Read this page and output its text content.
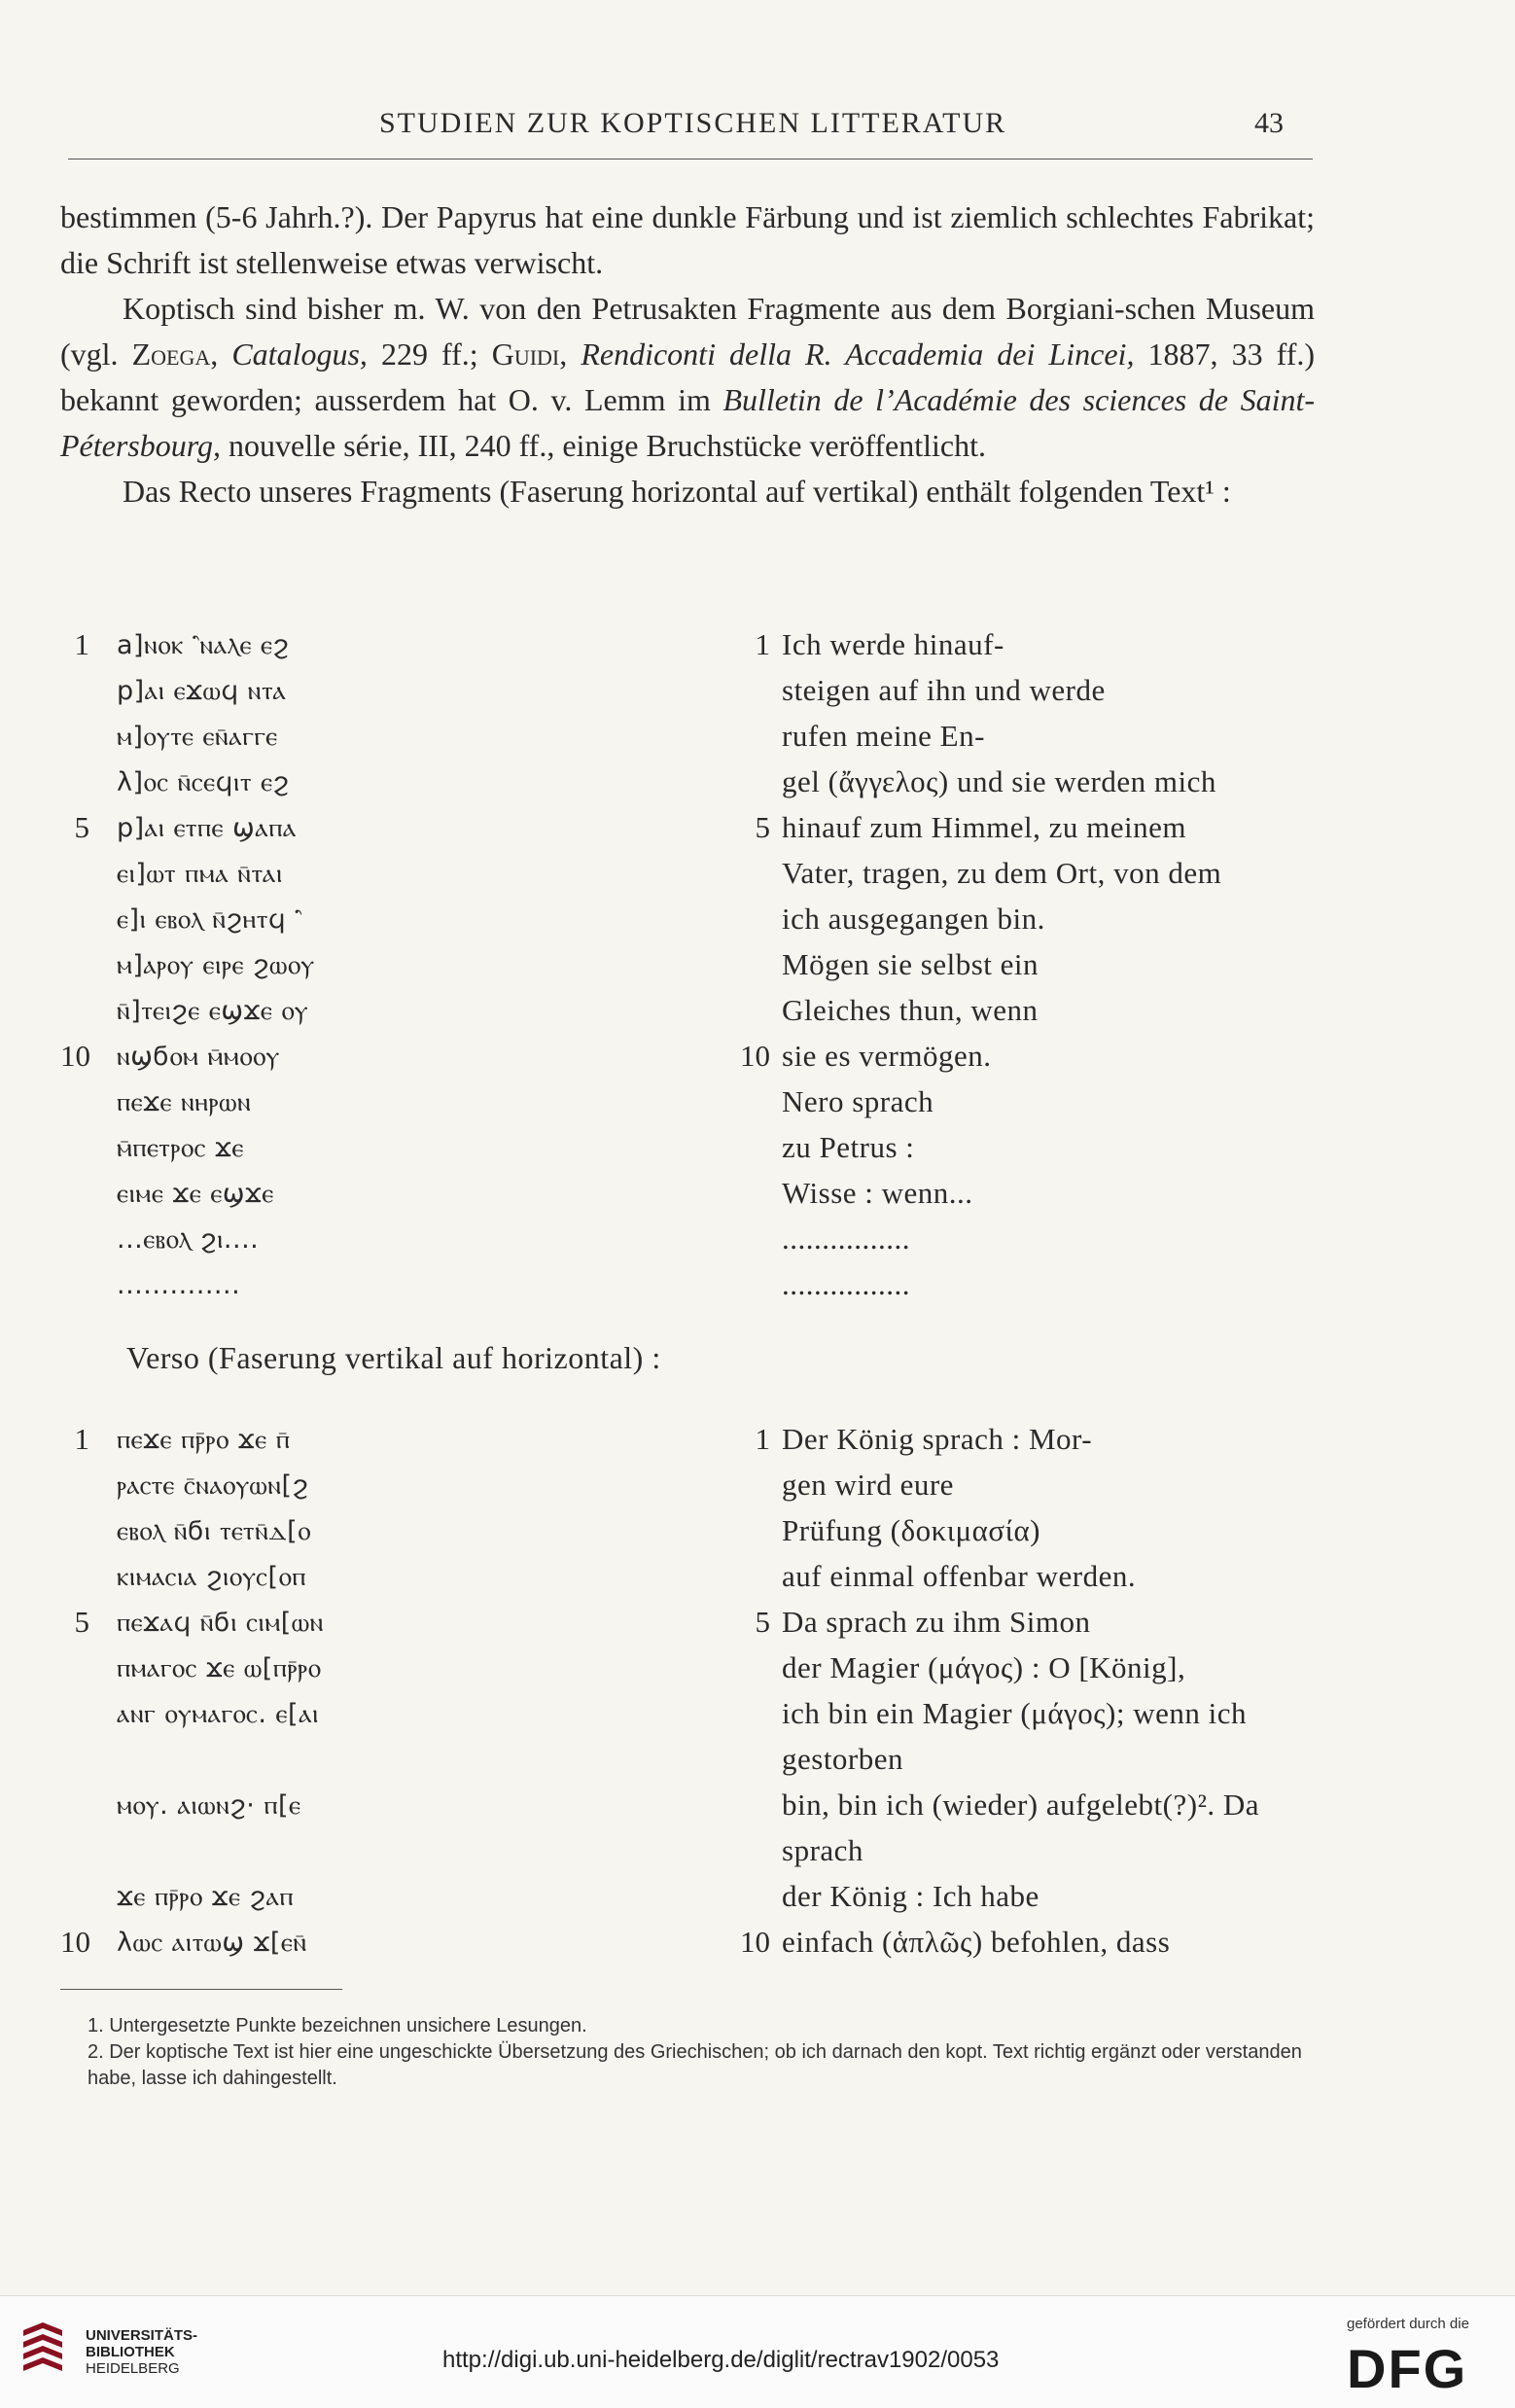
STUDIEN ZUR KOPTISCHEN LITTERATUR	43

bestimmen (5-6 Jahrh.?). Der Papyrus hat eine dunkle Färbung und ist ziemlich schlechtes Fabrikat; die Schrift ist stellenweise etwas verwischt.

Koptisch sind bisher m. W. von den Petrusakten Fragmente aus dem Borgiani-schen Museum (vgl. Zoega, Catalogus, 229 ff.; Guidi, Rendiconti della R. Accademia dei Lincei, 1887, 33 ff.) bekannt geworden; ausserdem hat O. v. Lemm im Bulletin de l’Académie des sciences de Saint-Pétersbourg, nouvelle série, III, 240 ff., einige Bruchstücke veröffentlicht.

Das Recto unseres Fragments (Faserung horizontal auf vertikal) enthält folgenden Text¹ :

1 a]ⲛⲟⲕ ⳿ⲛⲁⲗⲉ ⲉϩ	1 Ich werde hinauf-
p]ⲁⲓ ⲉϫⲱϥ ⲛⲧⲁ	steigen auf ihn und werde
ⲙ]ⲟⲩⲧⲉ ⲉⲛ̄ⲁⲅⲅⲉ	rufen meine En-
λ]ⲟⲥ ⲛ̄ⲥⲉϥⲓⲧ ⲉϩ	gel (ἄγγελος) und sie werden mich
5 p]ⲁⲓ ⲉⲧⲡⲉ ϣⲁⲡⲁ	5 hinauf zum Himmel, zu meinem
ⲉⲓ]ⲱⲧ ⲡⲙⲁ ⲛ̄ⲧⲁⲓ	Vater, tragen, zu dem Ort, von dem
ⲉ]ⲓ ⲉⲃⲟⲗ ⲛ̄ϩⲏⲧϥ ⳿	ich ausgegangen bin.
ⲙ]ⲁⲣⲟⲩ ⲉⲓⲣⲉ ϩⲱⲟⲩ	Mögen sie selbst ein
ⲛ̄]ⲧⲉⲓϩⲉ ⲉϣϫⲉ ⲟⲩ	Gleiches thun, wenn
10 ⲛϣϭⲟⲙ ⲙ̄ⲙⲟⲟⲩ	10 sie es vermögen.
ⲡⲉϫⲉ ⲛⲏⲣⲱⲛ	Nero sprach
ⲙ̄ⲡⲉⲧⲣⲟⲥ ϫⲉ	zu Petrus :
ⲉⲓⲙⲉ ϫⲉ ⲉϣϫⲉ	Wisse : wenn...
...ⲉⲃⲟⲗ ϩⲓ....	................
..............	................
Verso (Faserung vertikal auf horizontal) :
1 ⲡⲉϫⲉ ⲡⲣ̄ⲣⲟ ϫⲉ ⲡ̄	1 Der König sprach : Mor-
ⲣⲁⲥⲧⲉ ⲥ̄ⲛⲁⲟⲩⲱⲛ[ϩ	gen wird eure
ⲉⲃⲟⲗ ⲛ̄ϭⲓ ⲧⲉⲧⲛ̄ⲇ[ⲟ	Prüfung (δοκιμασία)
ⲕⲓⲙⲁⲥⲓⲁ ϩⲓⲟⲩⲥ[ⲟⲡ	auf einmal offenbar werden.
5 ⲡⲉϫⲁϥ ⲛ̄ϭⲓ ⲥⲓⲙ[ⲱⲛ	5 Da sprach zu ihm Simon
ⲡⲙⲁⲅⲟⲥ ϫⲉ ⲱ[ⲡⲣ̄ⲣⲟ	der Magier (μάγος) : O [König],
ⲁⲛⲅ ⲟⲩⲙⲁⲅⲟⲥ. ⲉ[ⲁⲓ	ich bin ein Magier (μάγος); wenn ich
gestorben
ⲙⲟⲩ. ⲁⲓⲱⲛϩ· ⲡ[ⲉ	bin, bin ich (wieder) aufgelebt(?)². Da
sprach
ϫⲉ ⲡⲣ̄ⲣⲟ ϫⲉ ϩⲁⲡ	der König : Ich habe
10 λⲱⲥ ⲁⲓⲧⲱϣ ϫ[ⲉⲛ̄	10 einfach (ἁπλῶς) befohlen, dass

1. Untergesetzte Punkte bezeichnen unsichere Lesungen.

2. Der koptische Text ist hier eine ungeschickte Übersetzung des Griechischen; ob ich darnach den kopt. Text richtig ergänzt oder verstanden habe, lasse ich dahingestellt.

UNIVERSITÄTS-
BIBLIOTHEK
HEIDELBERG	http://digi.ub.uni-heidelberg.de/diglit/rectrav1902/0053
gefördert durch die
DFG
